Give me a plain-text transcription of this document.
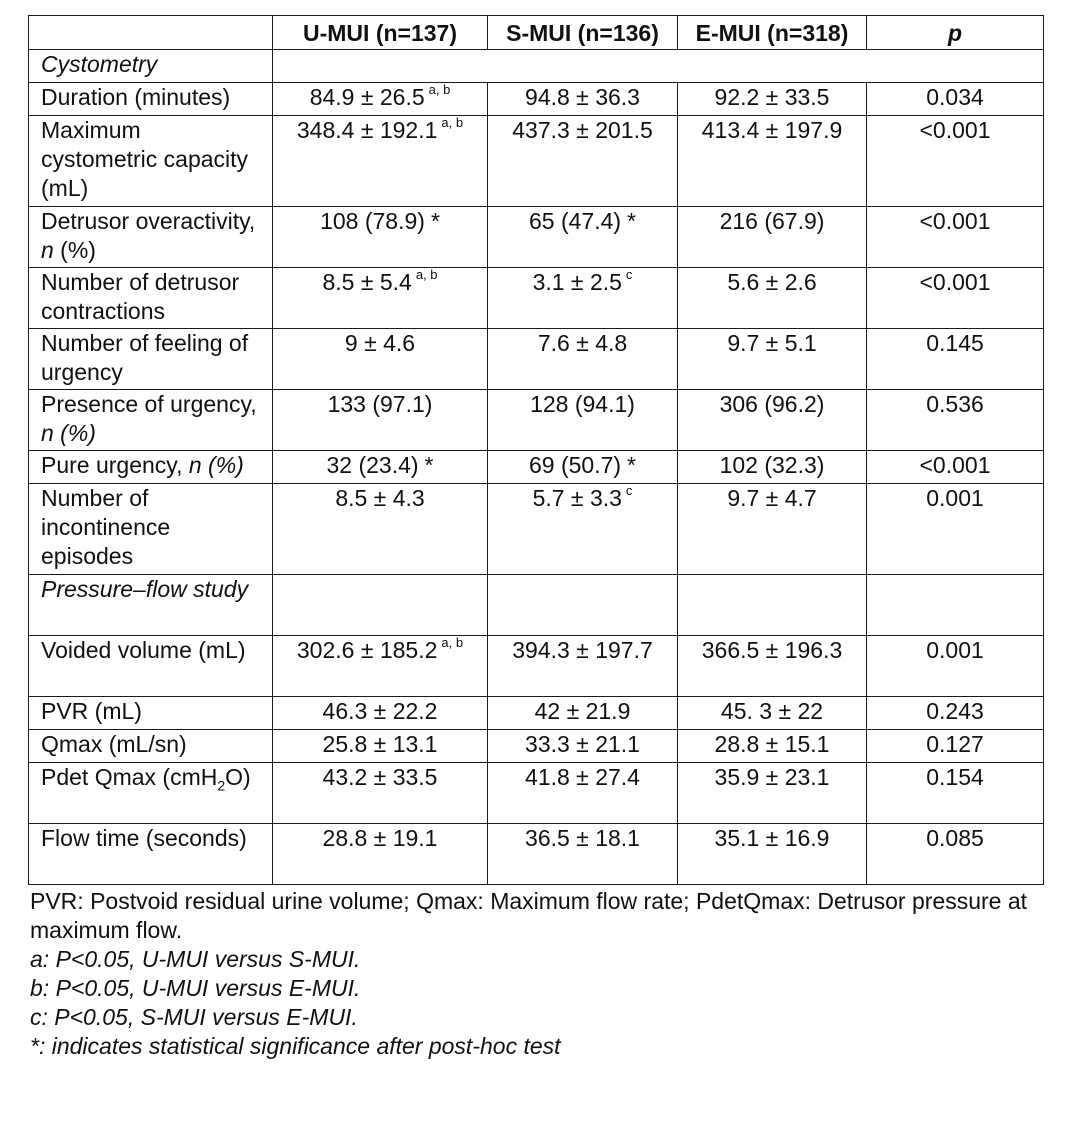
	U-MUI (n=137)	S-MUI (n=136)	E-MUI (n=318)	p
Cystometry				
Duration (minutes)	84.9 ± 26.5 $^{a, b}$	94.8 ± 36.3	92.2 ± 33.5	0.034
Maximum cystometric capacity (mL)	348.4 ± 192.1 $^{a, b}$	437.3 ± 201.5	413.4 ± 197.9	<0.001
Detrusor overactivity, n (%)	108 (78.9) *	65 (47.4) *	216 (67.9)	<0.001
Number of detrusor contractions	8.5 ± 5.4 $^{a, b}$	3.1 ± 2.5 $^c$	5.6 ± 2.6	<0.001
Number of feeling of urgency	9 ± 4.6	7.6 ± 4.8	9.7 ± 5.1	0.145
Presence of urgency, n (%)	133 (97.1)	128 (94.1)	306 (96.2)	0.536
Pure urgency, n (%)	32 (23.4) *	69 (50.7) *	102 (32.3)	<0.001
Number of incontinence episodes	8.5 ± 4.3	5.7 ± 3.3 $^c$	9.7 ± 4.7	0.001
Pressure–flow study				
Voided volume (mL)	302.6 ± 185.2 $^{a, b}$	394.3 ± 197.7	366.5 ± 196.3	0.001
PVR (mL)	46.3 ± 22.2	42 ± 21.9	45. 3 ± 22	0.243
Qmax (mL/sn)	25.8 ± 13.1	33.3 ± 21.1	28.8 ± 15.1	0.127
Pdet Qmax (cmH$_2$O)	43.2 ± 33.5	41.8 ± 27.4	35.9 ± 23.1	0.154
Flow time (seconds)	28.8 ± 19.1	36.5 ± 18.1	35.1 ± 16.9	0.085

PVR: Postvoid residual urine volume; Qmax: Maximum flow rate; PdetQmax: Detrusor pressure at maximum flow.

a: P<0.05, U-MUI versus S-MUI.

b: P<0.05, U-MUI versus E-MUI.

c: P<0.05, S-MUI versus E-MUI.

*: indicates statistical significance after post-hoc test
